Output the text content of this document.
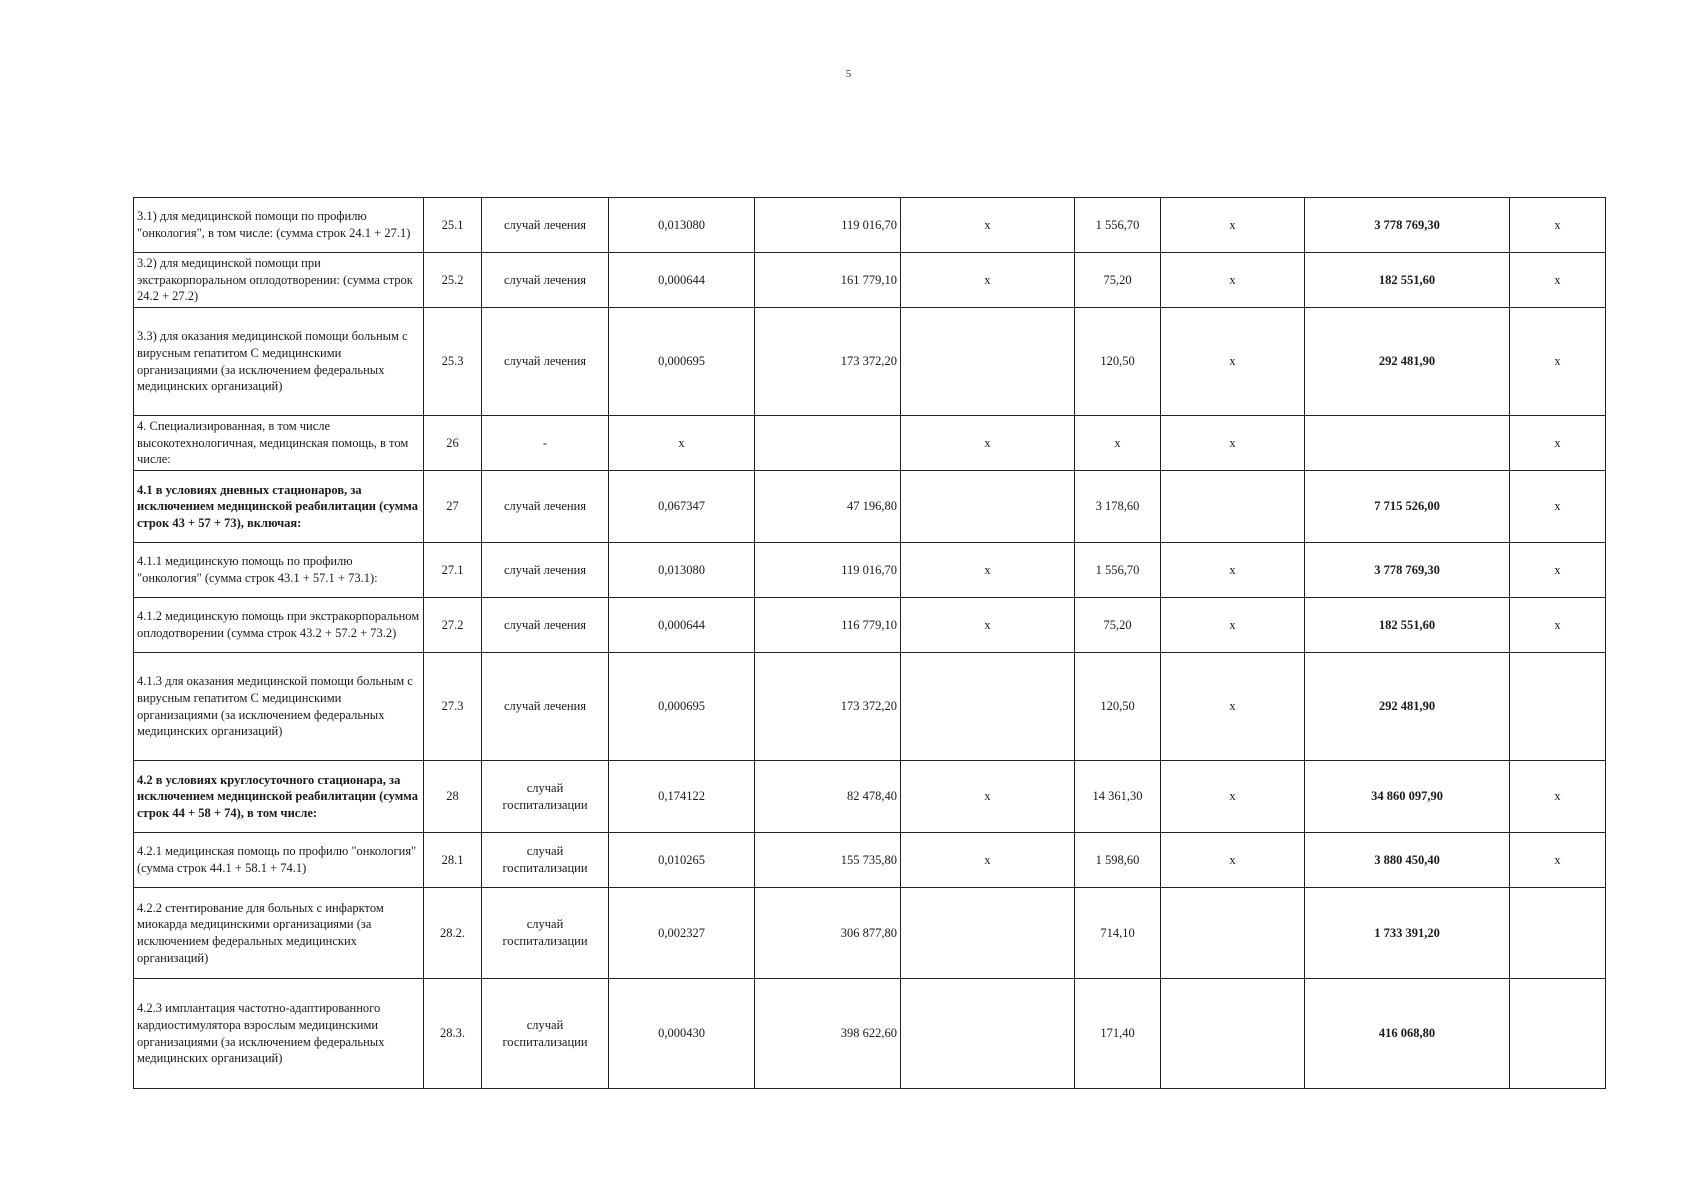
5
3.1) для медицинской помощи по профилю "онкология", в том числе: (сумма строк 24.1 + 27.1)	25.1	случай лечения	0,013080	119 016,70	х	1 556,70	х	3 778 769,30	х
3.2) для медицинской помощи при экстракорпоральном оплодотворении: (сумма строк 24.2 + 27.2)	25.2	случай лечения	0,000644	161 779,10	х	75,20	х	182 551,60	х
3.3) для оказания медицинской помощи больным с вирусным гепатитом С медицинскими организациями (за исключением федеральных медицинских организаций)	25.3	случай лечения	0,000695	173 372,20		120,50	х	292 481,90	х
4. Специализированная, в том числе высокотехнологичная, медицинская помощь, в том числе:	26	-	х		х	х	х		х
4.1 в условиях дневных стационаров, за исключением медицинской реабилитации (сумма строк 43 + 57 + 73), включая:	27	случай лечения	0,067347	47 196,80		3 178,60		7 715 526,00	х
4.1.1 медицинскую помощь по профилю "онкология" (сумма строк 43.1 + 57.1 + 73.1):	27.1	случай лечения	0,013080	119 016,70	х	1 556,70	х	3 778 769,30	х
4.1.2 медицинскую помощь при экстракорпоральном оплодотворении (сумма строк 43.2 + 57.2 + 73.2)	27.2	случай лечения	0,000644	116 779,10	х	75,20	х	182 551,60	х
4.1.3 для оказания медицинской помощи больным с вирусным гепатитом С медицинскими организациями (за исключением федеральных медицинских организаций)	27.3	случай лечения	0,000695	173 372,20		120,50	х	292 481,90	
4.2 в условиях круглосуточного стационара, за исключением медицинской реабилитации (сумма строк 44 + 58 + 74), в том числе:	28	случай госпитализации	0,174122	82 478,40	х	14 361,30	х	34 860 097,90	х
4.2.1 медицинская помощь по профилю "онкология" (сумма строк 44.1 + 58.1 + 74.1)	28.1	случай госпитализации	0,010265	155 735,80	х	1 598,60	х	3 880 450,40	х
4.2.2 стентирование для больных с инфарктом миокарда медицинскими организациями (за исключением федеральных медицинских организаций)	28.2.	случай госпитализации	0,002327	306 877,80		714,10		1 733 391,20	
4.2.3 имплантация частотно-адаптированного кардиостимулятора взрослым медицинскими организациями (за исключением федеральных медицинских организаций)	28.3.	случай госпитализации	0,000430	398 622,60		171,40		416 068,80	
